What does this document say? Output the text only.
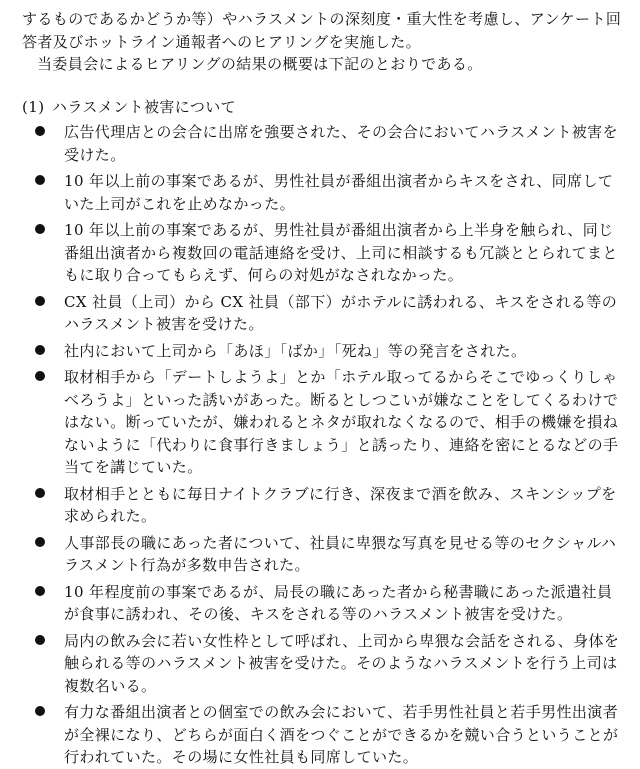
するものであるかどうか等）やハラスメントの深刻度・重大性を考慮し、アンケート回答者及びホットライン通報者へのヒアリングを実施した。

当委員会によるヒアリングの結果の概要は下記のとおりである。

(1) ハラスメント被害について
広告代理店との会合に出席を強要された、その会合においてハラスメント被害を受けた。
10 年以上前の事案であるが、男性社員が番組出演者からキスをされ、同席していた上司がこれを止めなかった。
10 年以上前の事案であるが、男性社員が番組出演者から上半身を触られ、同じ番組出演者から複数回の電話連絡を受け、上司に相談するも冗談ととられてまともに取り合ってもらえず、何らの対処がなされなかった。
CX 社員（上司）から CX 社員（部下）がホテルに誘われる、キスをされる等のハラスメント被害を受けた。
社内において上司から「あほ」「ばか」「死ね」等の発言をされた。
取材相手から「デートしようよ」とか「ホテル取ってるからそこでゆっくりしゃべろうよ」といった誘いがあった。断るとしつこいが嫌なことをしてくるわけではない。断っていたが、嫌われるとネタが取れなくなるので、相手の機嫌を損ねないように「代わりに食事行きましょう」と誘ったり、連絡を密にとるなどの手当てを講じていた。
取材相手とともに毎日ナイトクラブに行き、深夜まで酒を飲み、スキンシップを求められた。
人事部長の職にあった者について、社員に卑猥な写真を見せる等のセクシャルハラスメント行為が多数申告された。
10 年程度前の事案であるが、局長の職にあった者から秘書職にあった派遣社員が食事に誘われ、その後、キスをされる等のハラスメント被害を受けた。
局内の飲み会に若い女性枠として呼ばれ、上司から卑猥な会話をされる、身体を触られる等のハラスメント被害を受けた。そのようなハラスメントを行う上司は複数名いる。
有力な番組出演者との個室での飲み会において、若手男性社員と若手男性出演者が全裸になり、どちらが面白く酒をつぐことができるかを競い合うということが行われていた。その場に女性社員も同席していた。
